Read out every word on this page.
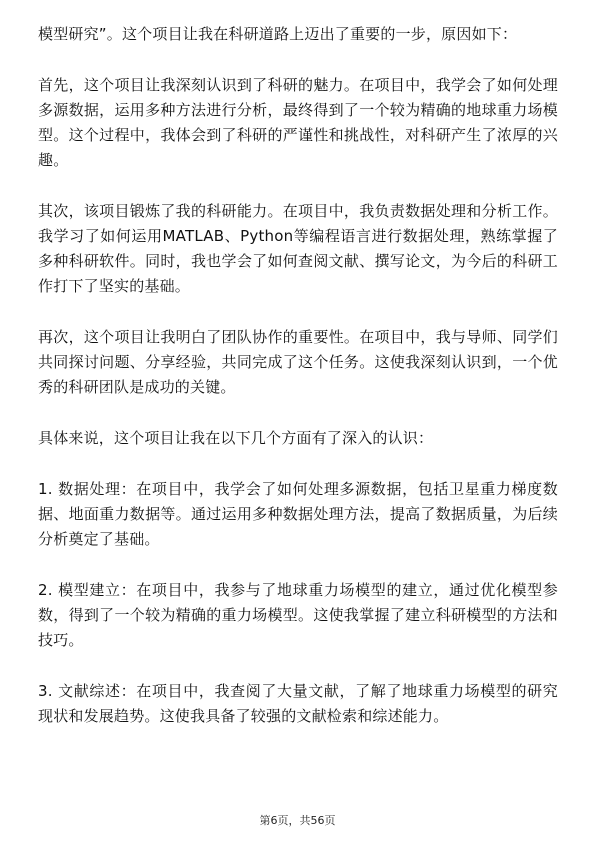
模型研究”。这个项目让我在科研道路上迈出了重要的一步，原因如下：

首先，这个项目让我深刻认识到了科研的魅力。在项目中，我学会了如何处理多源数据，运用多种方法进行分析，最终得到了一个较为精确的地球重力场模型。这个过程中，我体会到了科研的严谨性和挑战性，对科研产生了浓厚的兴趣。

其次，该项目锻炼了我的科研能力。在项目中，我负责数据处理和分析工作。我学习了如何运用MATLAB、Python等编程语言进行数据处理，熟练掌握了多种科研软件。同时，我也学会了如何查阅文献、撰写论文，为今后的科研工作打下了坚实的基础。

再次，这个项目让我明白了团队协作的重要性。在项目中，我与导师、同学们共同探讨问题、分享经验，共同完成了这个任务。这使我深刻认识到，一个优秀的科研团队是成功的关键。

具体来说，这个项目让我在以下几个方面有了深入的认识：

1. 数据处理：在项目中，我学会了如何处理多源数据，包括卫星重力梯度数据、地面重力数据等。通过运用多种数据处理方法，提高了数据质量，为后续分析奠定了基础。

2. 模型建立：在项目中，我参与了地球重力场模型的建立，通过优化模型参数，得到了一个较为精确的重力场模型。这使我掌握了建立科研模型的方法和技巧。

3. 文献综述：在项目中，我查阅了大量文献，了解了地球重力场模型的研究现状和发展趋势。这使我具备了较强的文献检索和综述能力。

第6页，共56页
